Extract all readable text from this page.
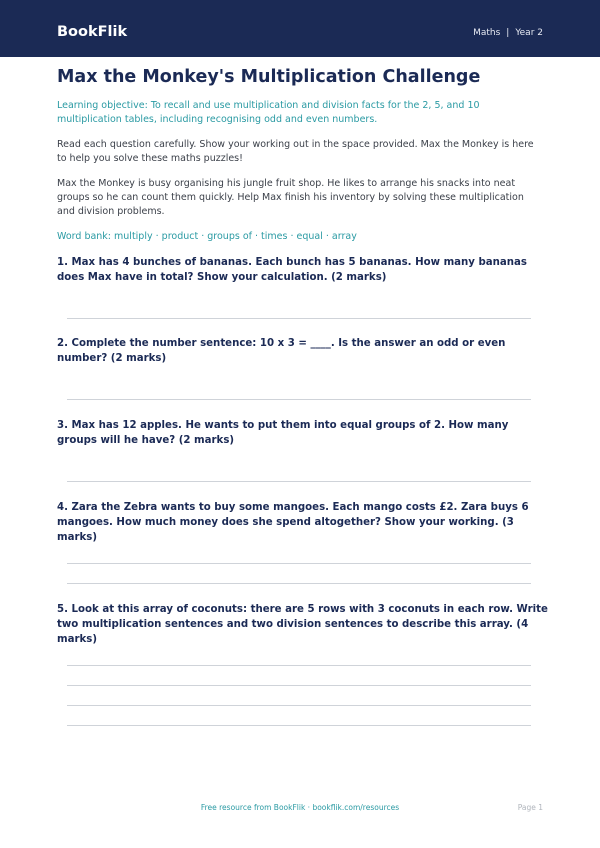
BookFlik	Maths | Year 2
Max the Monkey's Multiplication Challenge
Learning objective: To recall and use multiplication and division facts for the 2, 5, and 10 multiplication tables, including recognising odd and even numbers.
Read each question carefully. Show your working out in the space provided. Max the Monkey is here to help you solve these maths puzzles!
Max the Monkey is busy organising his jungle fruit shop. He likes to arrange his snacks into neat groups so he can count them quickly. Help Max finish his inventory by solving these multiplication and division problems.
Word bank: multiply · product · groups of · times · equal · array
1. Max has 4 bunches of bananas. Each bunch has 5 bananas. How many bananas does Max have in total? Show your calculation. (2 marks)
2. Complete the number sentence: 10 x 3 = ____. Is the answer an odd or even number? (2 marks)
3. Max has 12 apples. He wants to put them into equal groups of 2. How many groups will he have? (2 marks)
4. Zara the Zebra wants to buy some mangoes. Each mango costs £2. Zara buys 6 mangoes. How much money does she spend altogether? Show your working. (3 marks)
5. Look at this array of coconuts: there are 5 rows with 3 coconuts in each row. Write two multiplication sentences and two division sentences to describe this array. (4 marks)
Free resource from BookFlik · bookflik.com/resources	Page 1
